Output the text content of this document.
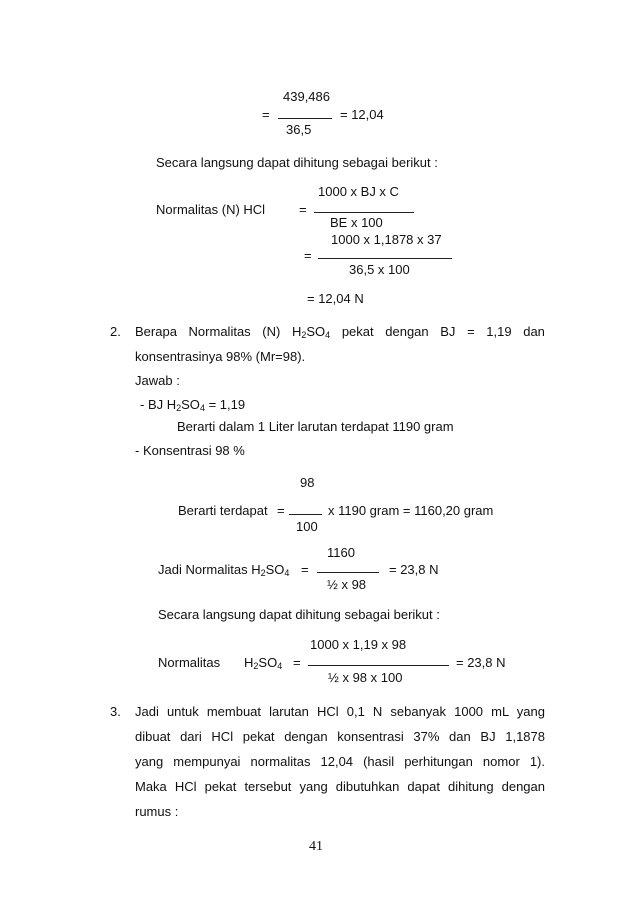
439,486
=	= 12,04
36,5
Secara langsung dapat dihitung sebagai berikut :
1000 x BJ x C
Normalitas (N) HCl	=
BE x 100
1000 x 1,1878 x 37
=
36,5 x 100
= 12,04 N
2. Berapa Normalitas (N) $H_2SO_4$ pekat dengan BJ = 1,19 dan
konsentrasinya 98% (Mr=98).
Jawab :
- BJ $H_2SO_4 = 1,19$
Berarti dalam 1 Liter larutan terdapat 1190 gram
- Konsentrasi 98 %
98
Berarti terdapat =	x 1190 gram = 1160,20 gram
100
1160
Jadi Normalitas $H_2SO_4$ =	= 23,8 N
½ x 98
Secara langsung dapat dihitung sebagai berikut :
1000 x 1,19 x 98
Normalitas $H_2SO_4$ =	= 23,8 N
½ x 98 x 100
3. Jadi untuk membuat larutan HCl 0,1 N sebanyak 1000 mL yang
dibuat dari HCl pekat dengan konsentrasi 37% dan BJ 1,1878
yang mempunyai normalitas 12,04 (hasil perhitungan nomor 1).
Maka HCl pekat tersebut yang dibutuhkan dapat dihitung dengan
rumus :
41
